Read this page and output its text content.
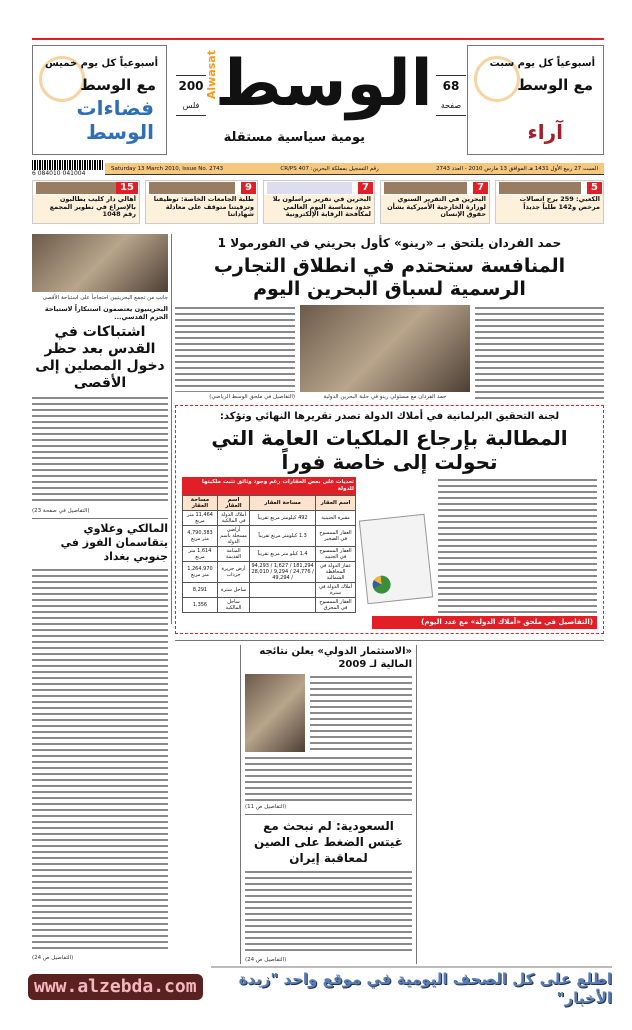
أسبوعياً كل يوم خميس
مع الوسط
فضاءات الوسط
أسبوعياً كل يوم سبت
مع الوسط
آراء
200
فلس
68
صفحة
Alwasat
الوسط
يومية سياسية مستقلة
6 084010 041004
Saturday 13 March 2010, Issue No. 2743	رقم التسجيل بمملكة البحرين: CR/PS 407	السبت 27 ربيع الأول 1431 هـ الموافق 13 مارس 2010 - العدد 2743
15
أهالي دار كليب يطالبون بالإسراع في تطوير المجمع رقم 1048
9
طلبة الجامعات الخاصة: توظيفنا وترقيتنا متوقف على معادلة شهاداتنا
7
البحرين في تقرير مراسلون بلا حدود بمناسبة اليوم العالمي لمكافحة الرقابة الإلكترونية
7
البحرين في التقرير السنوي لوزارة الخارجية الأميركية بشأن حقوق الإنسان
5
الكعبي: 259 برج اتصالات مرخص و142 طلباً جديداً
جانب من تجمع البحرينيين احتجاجاً على استباحة الأقصى
البحرينيون يعتصمون استنكاراً لاستباحة الحرم القدسي...
اشتباكات في القدس بعد حظر دخول المصلين إلى الأقصى
(التفاصيل في صفحة 23)
المالكي وعلاوي يتقاسمان الفوز في جنوبي بغداد
(التفاصيل ص 24)
حمد الفردان يلتحق بـ «رينو» كأول بحريني في الفورمولا 1
المنافسة ستحتدم في انطلاق التجارب الرسمية لسباق البحرين اليوم
(التفاصيل في ملحق الوسط الرياضي)	حمد الفردان مع مسئولي رينو في حلبة البحرين الدولية
لجنة التحقيق البرلمانية في أملاك الدولة تصدر تقريرها النهائي وتؤكد:
المطالبة بإرجاع الملكيات العامة التي تحولت إلى خاصة فوراً
تعديات على بعض العقارات رغم وجود وثائق تثبت ملكيتها للدولة
مساحة العقار	اسم العقار	مساحة العقار	اسم العقار
11,464 متر مربع	أملاك الدولة في المالكية	492 كيلومتر مربع تقريباً	مقبرة الحنينية
4,790,383 متر مربع	أراضي مسجلة باسم الدولة	1.3 كيلومتر مربع تقريباً	العقار الممسوح في الصخير
1,614 متر مربع	المنامة القديمة	1.4 كيلو متر مربع تقريباً	العقار الممسوح في الجنبية
1,264,970 متر مربع	أرض جزيرة جرداب	181,294 / 1,627 / 94,293 / 24,776 / 9,294 / 28,010 / 49,294	عقار الدولة في المحافظة الشمالية
8,291	ساحل سترة		أملاك الدولة في سترة
1,356	ساحل المالكية		العقار الممسوح في المحرق
(التفاصيل في ملحق «أملاك الدولة» مع عدد اليوم)
«الاستثمار الدولي» يعلن نتائجه المالية لـ 2009
(التفاصيل ص 11)
السعودية: لم نبحث مع غيتس الضغط على الصين لمعاقبة إيران
(التفاصيل ص 24)
www.alzebda.com	اطلع على كل الصحف اليومية في موقع واحد "زبدة الأخبار"
